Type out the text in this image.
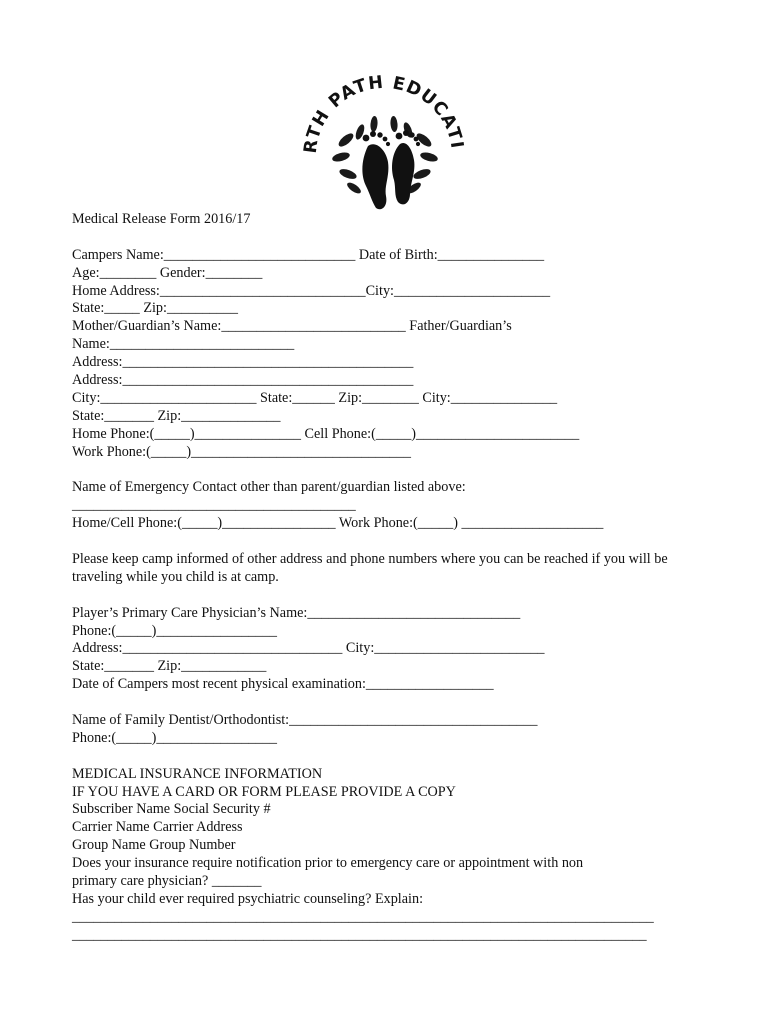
RTH PATH EDUCATI
Medical Release Form 2016/17
Campers Name:___________________________ Date of Birth:_______________
Age:________ Gender:________
Home Address:_____________________________City:______________________
State:_____ Zip:__________
Mother/Guardian’s Name:__________________________ Father/Guardian’s
Name:__________________________
Address:_________________________________________
Address:_________________________________________
City:______________________ State:______ Zip:________ City:_______________
State:_______ Zip:______________
Home Phone:(_____)_______________ Cell Phone:(_____)_______________________
Work Phone:(_____)_______________________________
Name of Emergency Contact other than parent/guardian listed above:
________________________________________
Home/Cell Phone:(_____)________________ Work Phone:(_____) ____________________
Please keep camp informed of other address and phone numbers where you can be reached if you will be traveling while you child is at camp.
Player’s Primary Care Physician’s Name:______________________________
Phone:(_____)_________________
Address:_______________________________ City:________________________
State:_______ Zip:____________
Date of Campers most recent physical examination:__________________
Name of Family Dentist/Orthodontist:___________________________________
Phone:(_____)_________________
MEDICAL INSURANCE INFORMATION
IF YOU HAVE A CARD OR FORM PLEASE PROVIDE A COPY
Subscriber Name Social Security #
Carrier Name Carrier Address
Group Name Group Number
Does your insurance require notification prior to emergency care or appointment with non
primary care physician? _______
Has your child ever required psychiatric counseling? Explain:
__________________________________________________________________________________
_________________________________________________________________________________
